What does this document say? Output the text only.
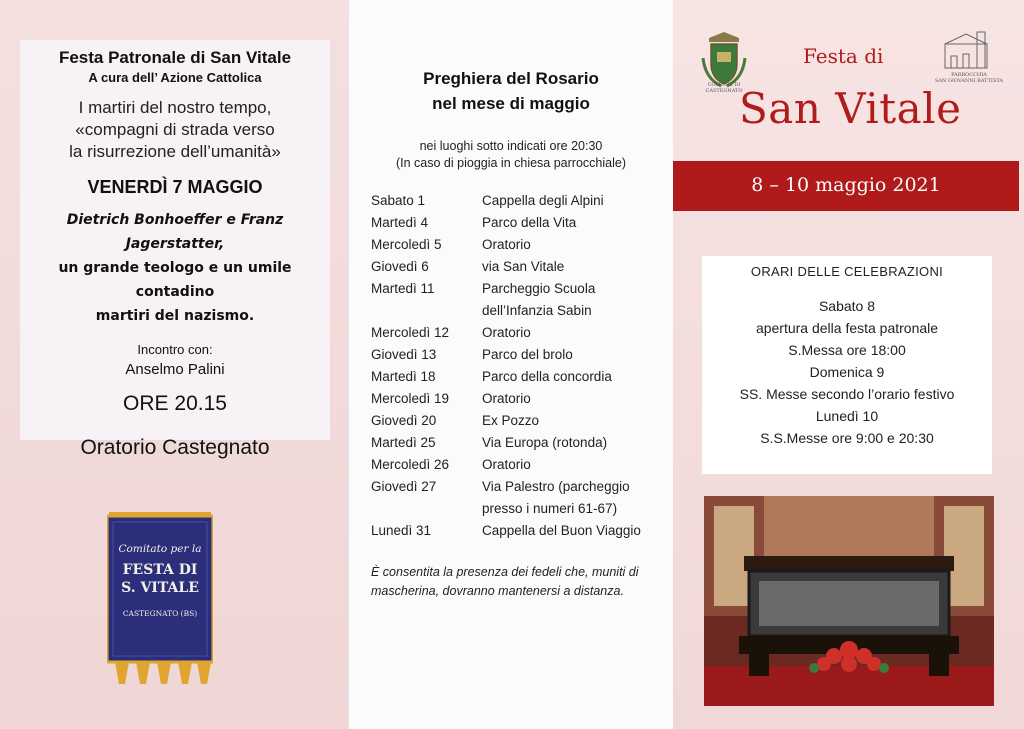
Festa Patronale di San Vitale
A cura dell’ Azione Cattolica
I martiri del nostro tempo,
«compagni di strada verso
la risurrezione dell’umanità»
VENERDÌ 7 MAGGIO
Dietrich Bonhoeffer e Franz Jagerstatter,
un grande teologo e un umile contadino
martiri del nazismo.
Incontro con:
Anselmo Palini
ORE 20.15
Oratorio Castegnato
Comitato per la
FESTA DI
S. VITALE
CASTEGNATO (BS)
Preghiera del Rosario
nel mese di maggio
nei luoghi sotto indicati ore 20:30
(In caso di pioggia in chiesa parrocchiale)
Sabato 1	Cappella degli Alpini
Martedì 4	Parco della Vita
Mercoledì 5	Oratorio
Giovedì 6	via San Vitale
Martedì 11	Parcheggio Scuola
dell’Infanzia Sabin
Mercoledì 12	Oratorio
Giovedì 13	Parco del brolo
Martedì 18	Parco della concordia
Mercoledì 19	Oratorio
Giovedì 20	Ex Pozzo
Martedì 25	Via Europa (rotonda)
Mercoledì 26	Oratorio
Giovedì 27	Via Palestro (parcheggio
presso i numeri 61-67)
Lunedì 31	Cappella del Buon Viaggio
È consentita la presenza dei fedeli che, muniti di
mascherina, dovranno mantenersi a distanza.
COMUNE DI CASTEGNATO
PARROCCHIA
SAN GIOVANNI BATTISTA
Festa di
San Vitale
8 – 10 maggio 2021
ORARI DELLE CELEBRAZIONI
Sabato 8
apertura della festa patronale
S.Messa ore 18:00
Domenica 9
SS. Messe secondo l’orario festivo
Lunedì 10
S.S.Messe ore 9:00 e 20:30
